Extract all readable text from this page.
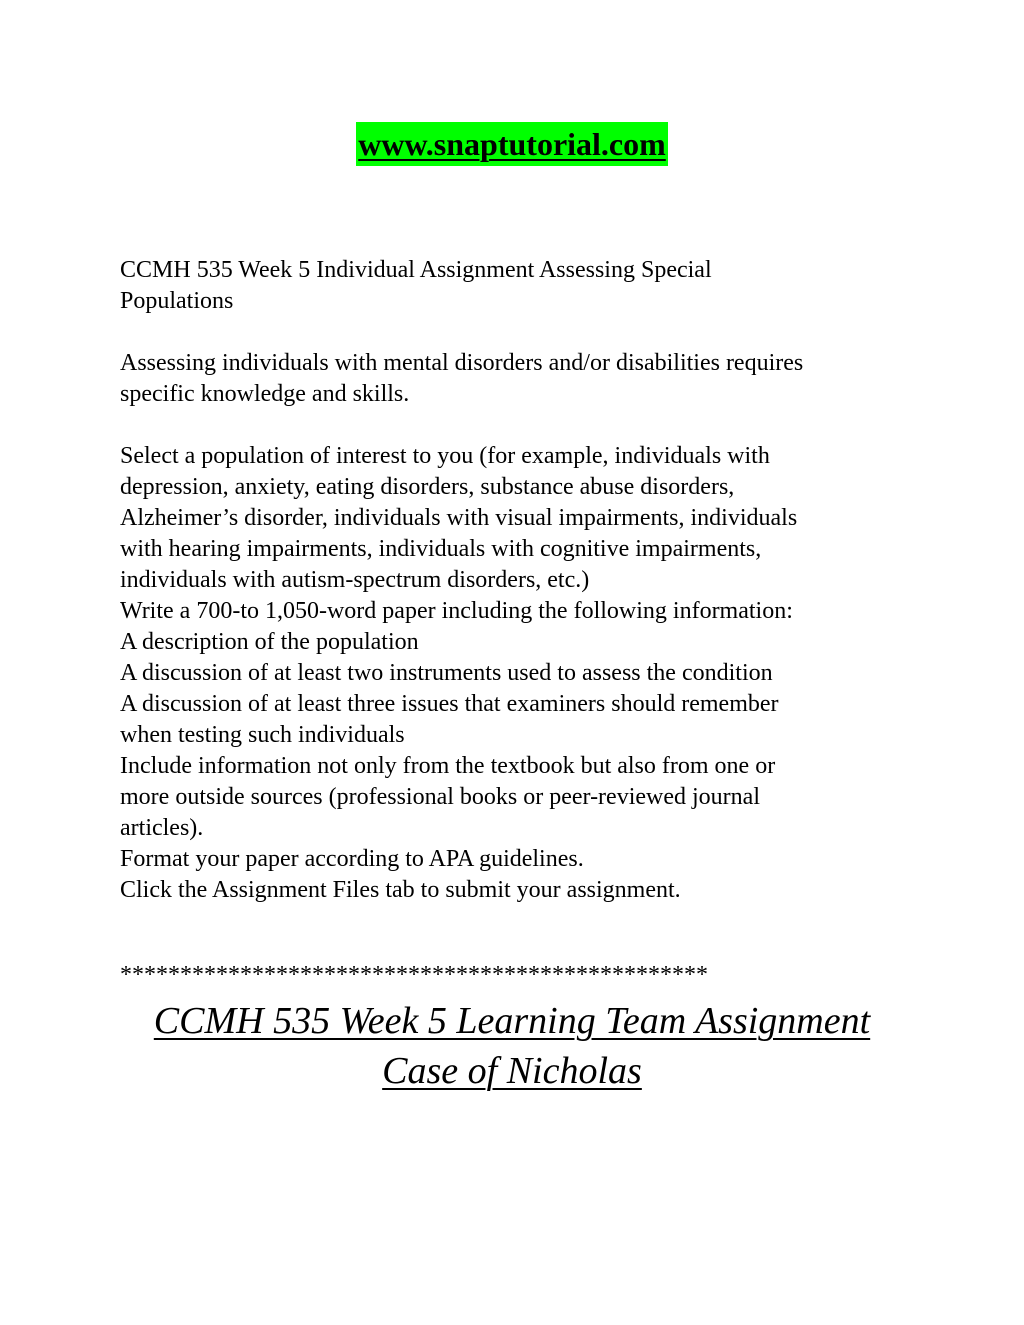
www.snaptutorial.com

CCMH 535 Week 5 Individual Assignment Assessing Special

Populations

Assessing individuals with mental disorders and/or disabilities requires

specific knowledge and skills.

Select a population of interest to you (for example, individuals with

depression, anxiety, eating disorders, substance abuse disorders,

Alzheimer’s disorder, individuals with visual impairments, individuals

with hearing impairments, individuals with cognitive impairments,

individuals with autism-spectrum disorders, etc.)

Write a 700-to 1,050-word paper including the following information:

A description of the population

A discussion of at least two instruments used to assess the condition

A discussion of at least three issues that examiners should remember

when testing such individuals

Include information not only from the textbook but also from one or

more outside sources (professional books or peer-reviewed journal

articles).

Format your paper according to APA guidelines.

Click the Assignment Files tab to submit your assignment.

*************************************************
CCMH 535 Week 5 Learning Team Assignment
Case of Nicholas
